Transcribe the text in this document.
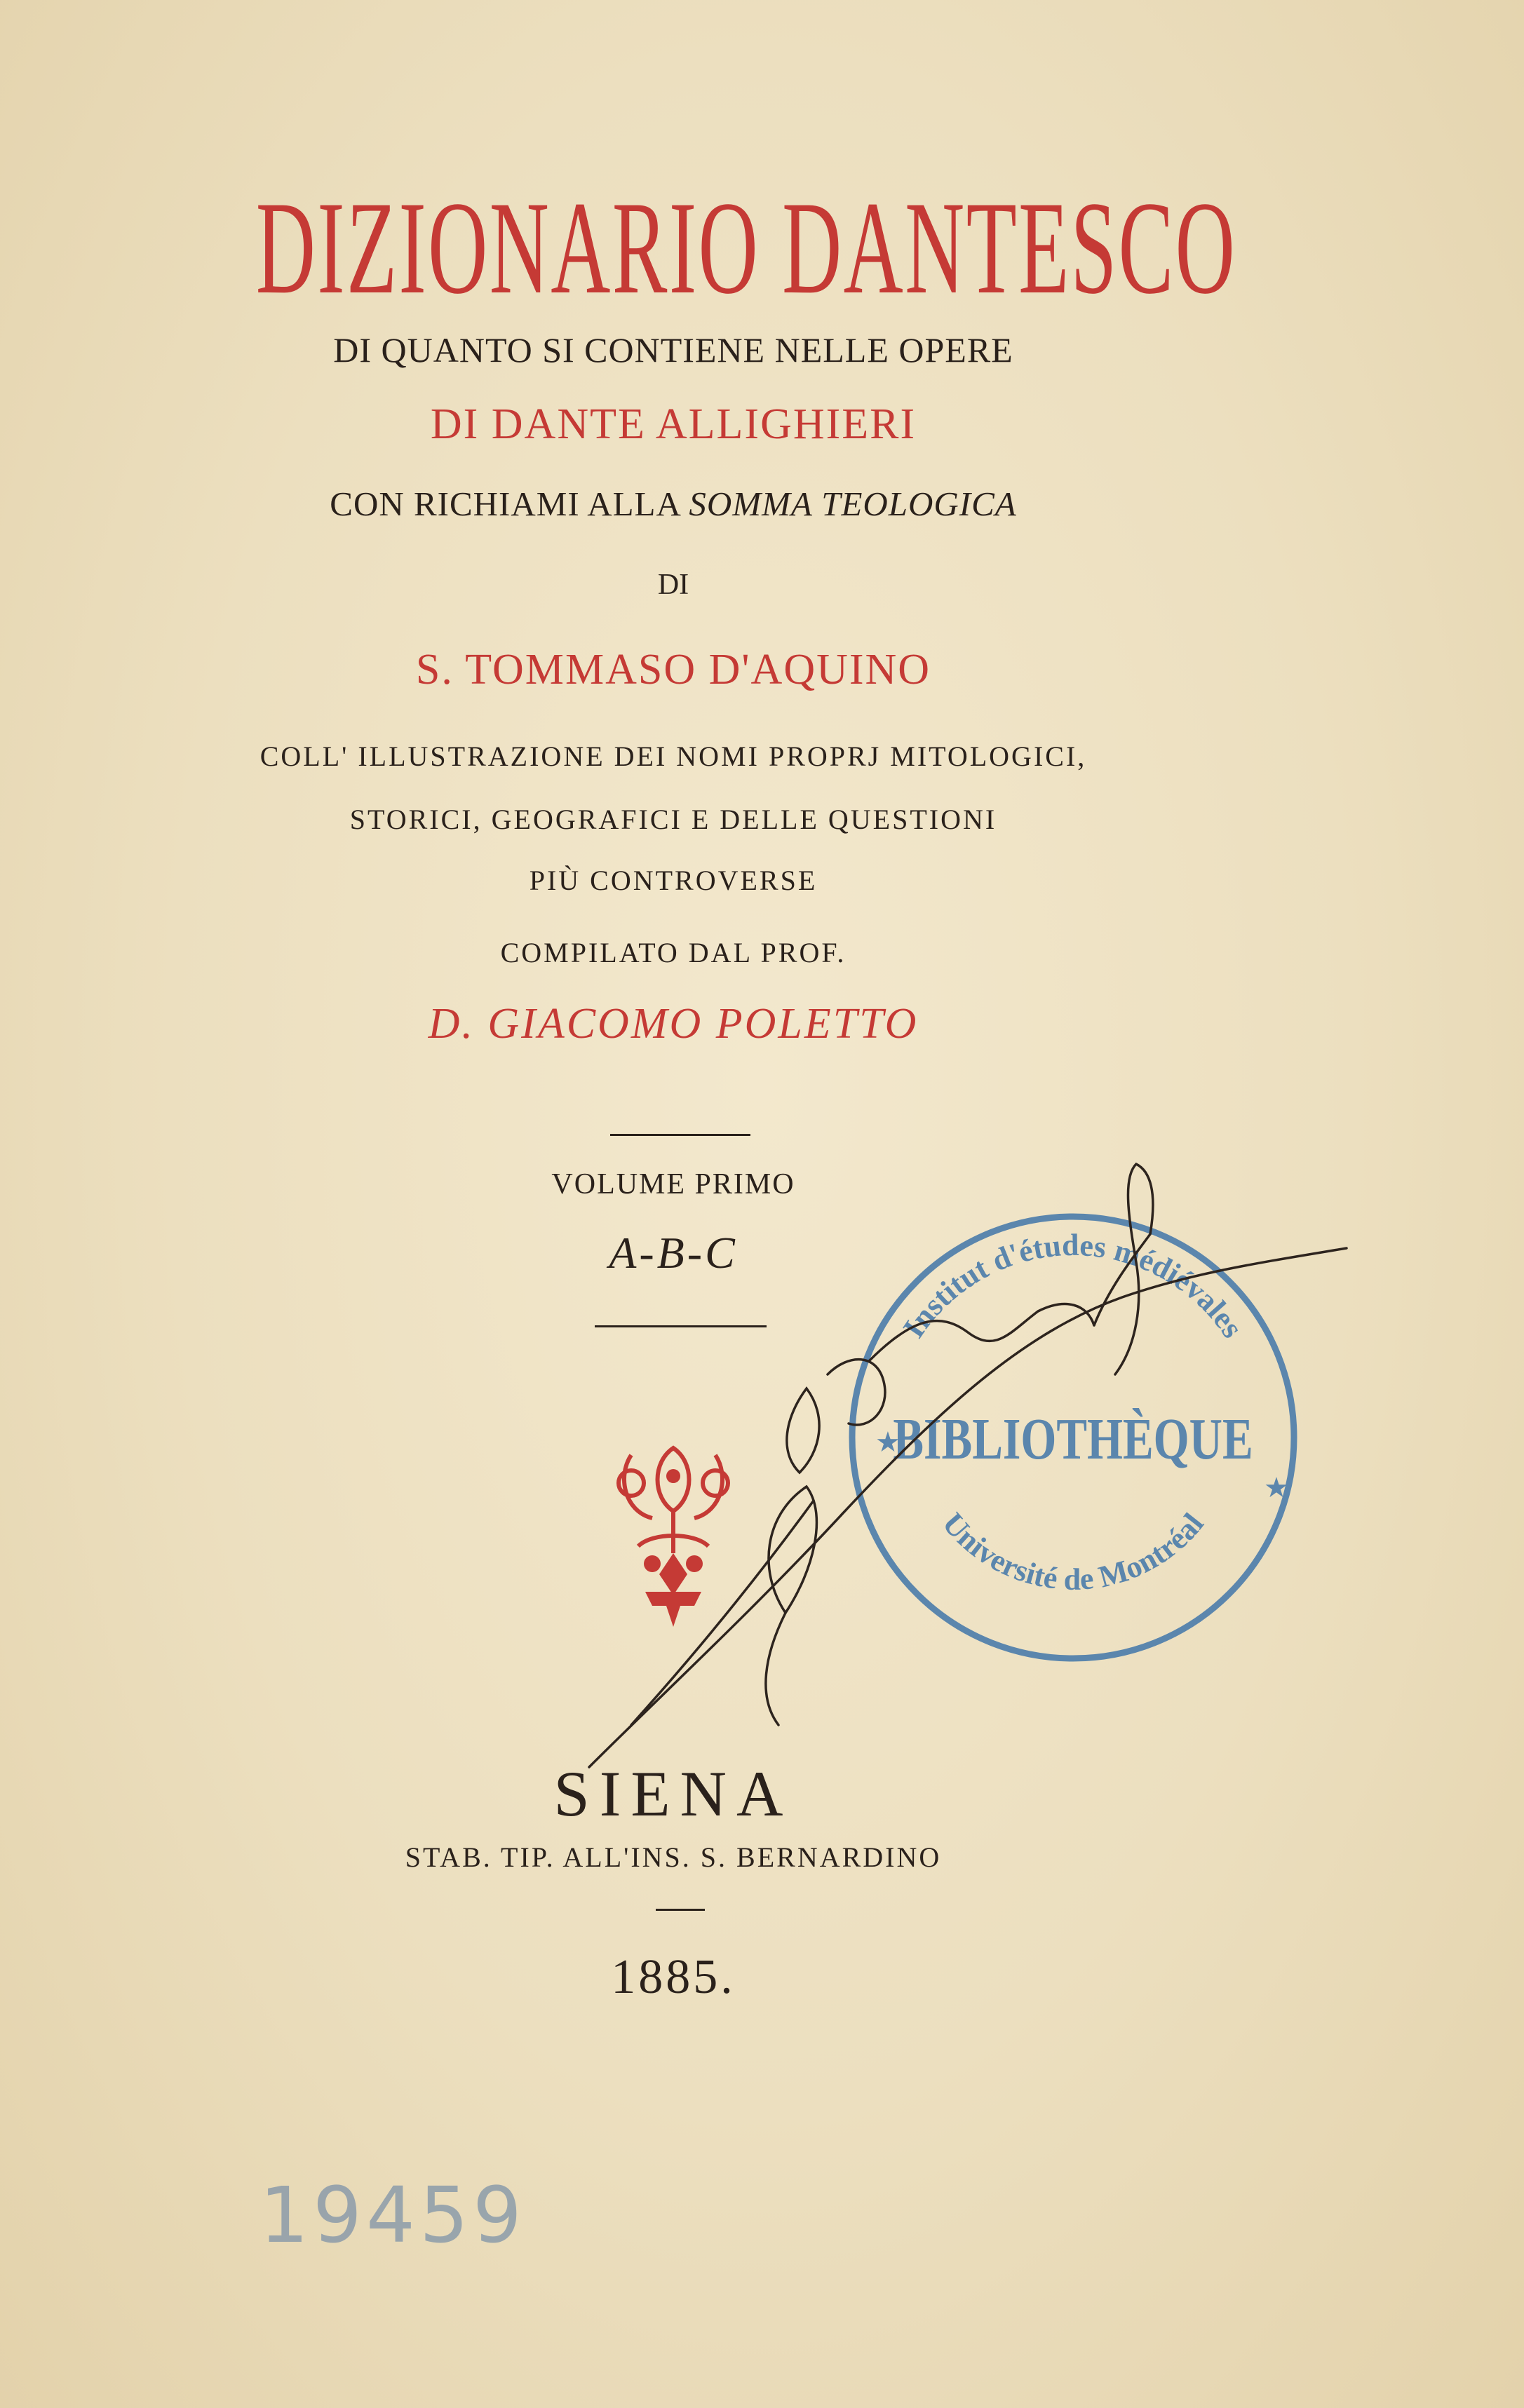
DIZIONARIO DANTESCO
DI QUANTO SI CONTIENE NELLE OPERE
DI DANTE ALLIGHIERI
CON RICHIAMI ALLA SOMMA TEOLOGICA
DI
S. TOMMASO D'AQUINO
COLL' ILLUSTRAZIONE DEI NOMI PROPRJ MITOLOGICI,
STORICI, GEOGRAFICI E DELLE QUESTIONI
PIÙ CONTROVERSE
COMPILATO DAL PROF.
D. GIACOMO POLETTO
VOLUME PRIMO
A-B-C
Institut d'études médiévales
BIBLIOTHÈQUE
Université de Montréal
★
★
SIENA
STAB. TIP. ALL'INS. S. BERNARDINO
1885.
19459
